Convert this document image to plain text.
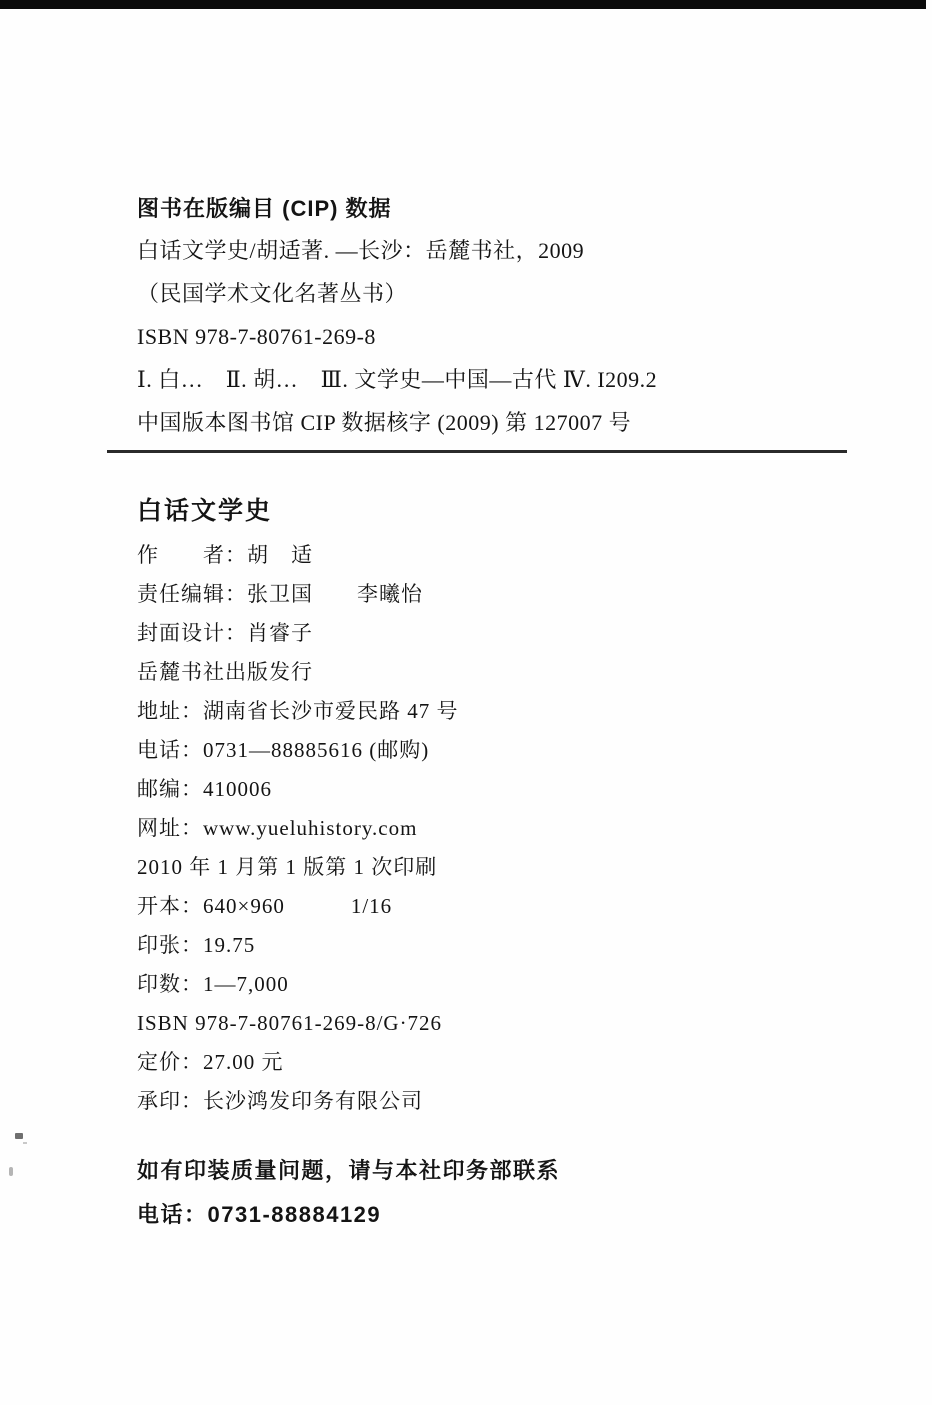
图书在版编目 (CIP) 数据

白话文学史/胡适著. —长沙：岳麓书社，2009

（民国学术文化名著丛书）

ISBN 978-7-80761-269-8

Ⅰ. 白…　Ⅱ. 胡…　Ⅲ. 文学史—中国—古代 Ⅳ. I209.2

中国版本图书馆 CIP 数据核字 (2009) 第 127007 号

白话文学史

作　　者：胡　适

责任编辑：张卫国　　李曦怡

封面设计：肖睿子

岳麓书社出版发行

地址：湖南省长沙市爱民路 47 号

电话：0731—88885616 (邮购)

邮编：410006

网址：www.yueluhistory.com

2010 年 1 月第 1 版第 1 次印刷

开本：640×960　　　1/16

印张：19.75

印数：1—7,000

ISBN 978-7-80761-269-8/G·726

定价：27.00 元

承印：长沙鸿发印务有限公司

如有印装质量问题，请与本社印务部联系

电话：0731-88884129
